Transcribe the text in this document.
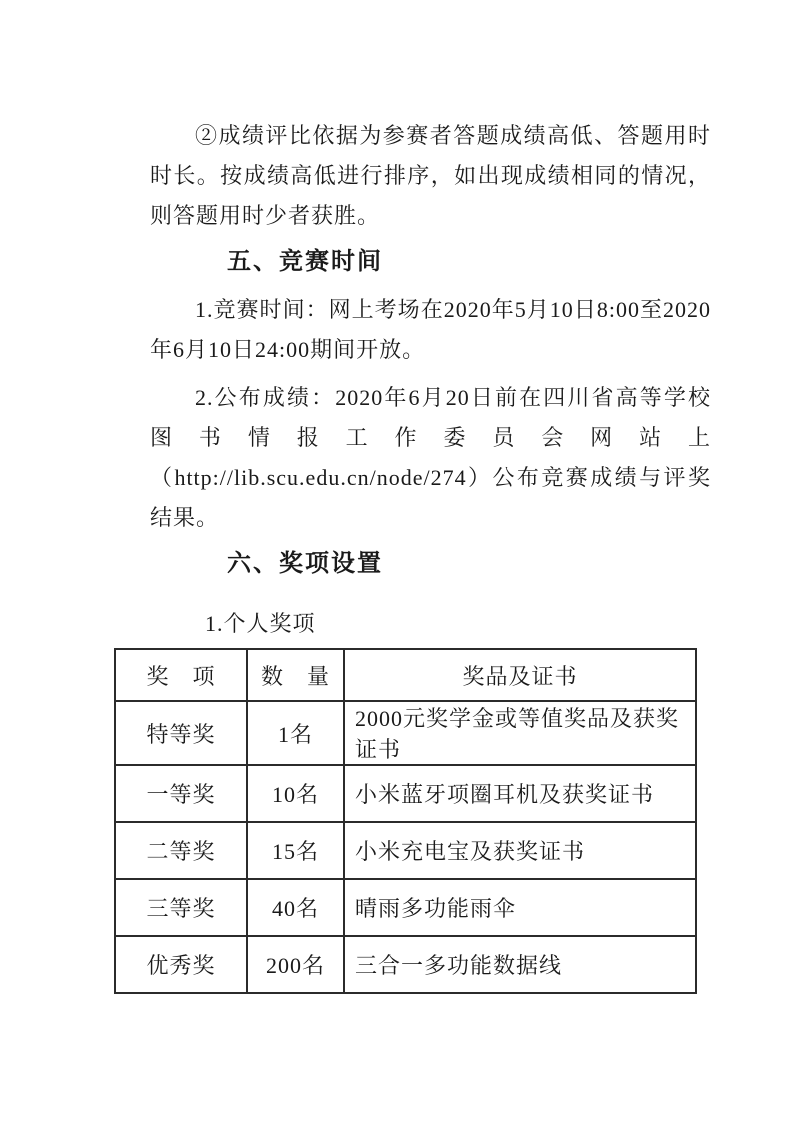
②成绩评比依据为参赛者答题成绩高低、答题用时时长。按成绩高低进行排序，如出现成绩相同的情况，则答题用时少者获胜。

五、竞赛时间

1.竞赛时间：网上考场在2020年5月10日8:00至2020年6月10日24:00期间开放。

2.公布成绩：2020年6月20日前在四川省高等学校图书情报工作委员会网站上（http://lib.scu.edu.cn/node/274）公布竞赛成绩与评奖结果。

六、奖项设置

1.个人奖项

奖　项	数　量	奖品及证书
特等奖	1名	2000元奖学金或等值奖品及获奖证书
一等奖	10名	小米蓝牙项圈耳机及获奖证书
二等奖	15名	小米充电宝及获奖证书
三等奖	40名	晴雨多功能雨伞
优秀奖	200名	三合一多功能数据线
